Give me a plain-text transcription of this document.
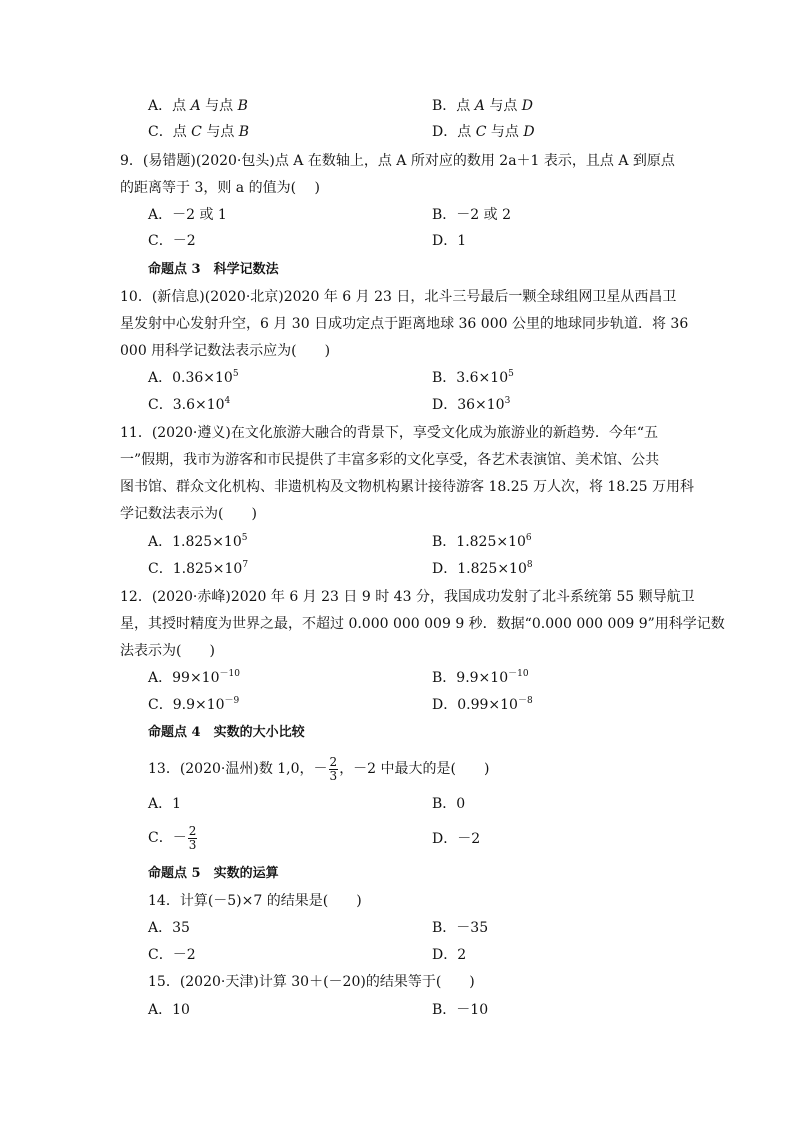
A．点 A 与点 B	B．点 A 与点 D
C．点 C 与点 B	D．点 C 与点 D
9．(易错题)(2020·包头)点 A 在数轴上，点 A 所对应的数用 2a＋1 表示，且点 A 到原点
的距离等于 3，则 a 的值为(　 )
A．－2 或 1	B．－2 或 2
C．－2	D．1
命题点 3　科学记数法
10．(新信息)(2020·北京)2020 年 6 月 23 日，北斗三号最后一颗全球组网卫星从西昌卫
星发射中心发射升空，6 月 30 日成功定点于距离地球 36 000 公里的地球同步轨道．将 36
000 用科学记数法表示应为(　　)
A．$0.36\times 10^5$	B．$3.6\times 10^5$
C．$3.6\times 10^4$	D．$36\times 10^3$
11．(2020·遵义)在文化旅游大融合的背景下，享受文化成为旅游业的新趋势．今年“五
一”假期，我市为游客和市民提供了丰富多彩的文化享受，各艺术表演馆、美术馆、公共
图书馆、群众文化机构、非遗机构及文物机构累计接待游客 18.25 万人次，将 18.25 万用科
学记数法表示为(　　)
A．$1.825\times 10^5$	B．$1.825\times 10^6$
C．$1.825\times 10^7$	D．$1.825\times 10^8$
12．(2020·赤峰)2020 年 6 月 23 日 9 时 43 分，我国成功发射了北斗系统第 55 颗导航卫
星，其授时精度为世界之最，不超过 0.000 000 009 9 秒．数据“0.000 000 009 9”用科学记数
法表示为(　　)
A．$99\times 10^{-10}$	B．$9.9\times 10^{-10}$
C．$9.9\times 10^{-9}$	D．$0.99\times 10^{-8}$
命题点 4　实数的大小比较
13．(2020·温州)数 1,0，－ $\frac{2}{3}$ ，－2 中最大的是(　　)
A．1	B．0
C．－ $\frac{2}{3}$	D．－2
命题点 5　实数的运算
14．计算(－5)×7 的结果是(　　)
A．35	B．－35
C．－2	D．2
15．(2020·天津)计算 30＋(－20)的结果等于(　　)
A．10	B．－10
